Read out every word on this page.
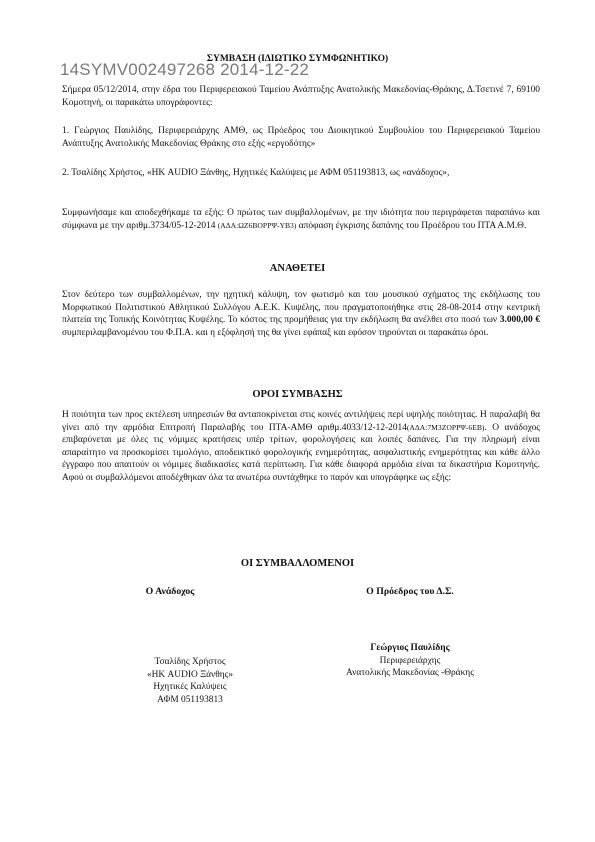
14SYMV002497268 2014-12-22
ΣΥΜΒΑΣΗ (ΙΔΙΩΤΙΚΟ ΣΥΜΦΩΝΗΤΙΚΟ)
Σήμερα 05/12/2014, στην έδρα του Περιφερειακού Ταμείου Ανάπτυξης Ανατολικής Μακεδονίας-Θράκης, Δ.Τσετινέ 7, 69100 Κομοτηνή, οι παρακάτω υπογράφοντες:
1. Γεώργιος Παυλίδης, Περιφερειάρχης ΑΜΘ, ως Πρόεδρος του Διοικητικού Συμβουλίου του Περιφερειακού Ταμείου Ανάπτυξης Ανατολικής Μακεδονίας Θράκης στο εξής «εργοδότης»
2. Τσαλίδης Χρήστος, «ΗΚ AUDIO Ξάνθης, Ηχητικές Καλύψεις με ΑΦΜ 051193813, ως «ανάδοχος»,
Συμφωνήσαμε και αποδεχθήκαμε τα εξής: Ο πρώτος των συμβαλλομένων, με την ιδιότητα που περιγράφεται παραπάνω και σύμφωνα με την αριθμ.3734/05-12-2014 (ΑΔΑ:ΩΖ6ΒΟΡΡΨ-ΥΒ3) απόφαση έγκρισης δαπάνης του Προέδρου του ΠΤΑ Α.Μ.Θ.
ΑΝΑΘΕΤΕΙ
Στον δεύτερο των συμβαλλομένων, την ηχητική κάλυψη, τον φωτισμό και του μουσικού σχήματος της εκδήλωσης του Μορφωτικού Πολιτιστικού Αθλητικού Συλλόγου Α.Ε.Κ. Κυψέλης, που πραγματοποιήθηκε στις 28-08-2014 στην κεντρική πλατεία της Τοπικής Κοινότητας Κυψέλης. Το κόστος της προμήθειας για την εκδήλωση θα ανέλθει στο ποσό των 3.000,00 € συμπεριλαμβανομένου του Φ.Π.Α. και η εξόφλησή της θα γίνει εφάπαξ και εφόσον τηρούνται οι παρακάτω όροι.
ΟΡΟΙ ΣΥΜΒΑΣΗΣ
Η ποιότητα των προς εκτέλεση υπηρεσιών θα ανταποκρίνεται στις κοινές αντιλήψεις περί υψηλής ποιότητας. Η παραλαβή θα γίνει από την αρμόδια Επιτροπή Παραλαβής του ΠΤΑ-ΑΜΘ αριθμ.4033/12-12-2014(ΑΔΑ:7Μ3ΖΟΡΡΨ-6ΕΒ). Ο ανάδοχος επιβαρύνεται με όλες τις νόμιμες κρατήσεις υπέρ τρίτων, φορολογήσεις και λοιπές δαπάνες. Για την πληρωμή είναι απαραίτητο να προσκομίσει τιμολόγιο, αποδεικτικό φορολογικής ενημερότητας, ασφαλιστικής ενημερότητας και κάθε άλλο έγγραφο που απαιτούν οι νόμιμες διαδικασίες κατά περίπτωση. Για κάθε διαφορά αρμόδια είναι τα δικαστήρια Κομοτηνής. Αφού οι συμβαλλόμενοι αποδέχθηκαν όλα τα ανωτέρω συντάχθηκε το παρόν και υπογράφηκε ως εξής:
ΟΙ ΣΥΜΒΑΛΛΟΜΕΝΟΙ
Ο Ανάδοχος	Ο Πρόεδρος του Δ.Σ.
Γεώργιος Παυλίδης
Περιφερειάρχης
Ανατολικής Μακεδονίας -Θράκης
Τσαλίδης Χρήστος
«ΗΚ AUDIO Ξάνθης»
Ηχητικές Καλύψεις
ΑΦΜ 051193813
